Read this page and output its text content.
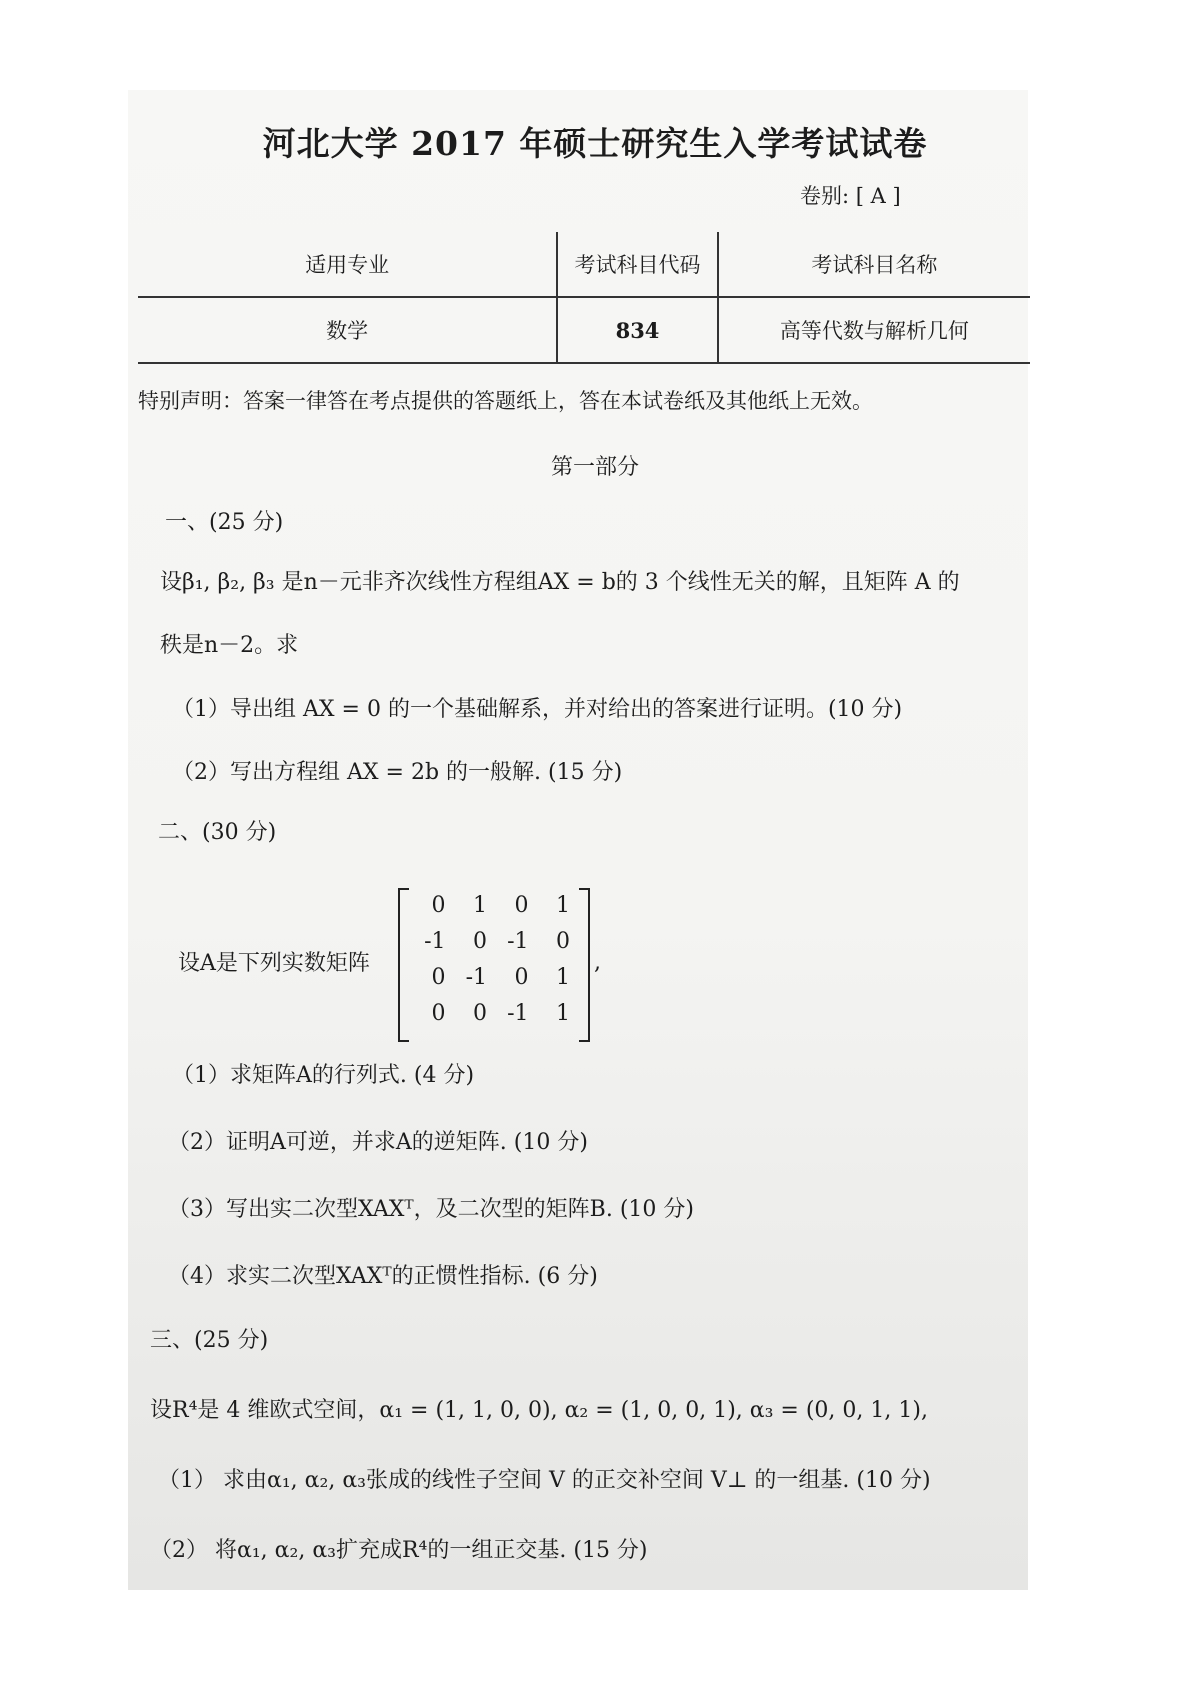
河北大学 2017 年硕士研究生入学考试试卷
卷别: [ A ]
适用专业	考试科目代码	考试科目名称
数学	834	高等代数与解析几何
特别声明：答案一律答在考点提供的答题纸上，答在本试卷纸及其他纸上无效。
第一部分
一、(25 分)
设β₁, β₂, β₃ 是n－元非齐次线性方程组AX = b的 3 个线性无关的解，且矩阵 A 的
秩是n－2。求
（1）导出组 AX = 0 的一个基础解系，并对给出的答案进行证明。(10 分)
（2）写出方程组 AX = 2b 的一般解. (15 分)
二、(30 分)
设A是下列实数矩阵
0	1	0	1
-1	0 -1	0
0 -1	0	1
0	0 -1	1
,
（1）求矩阵A的行列式. (4 分)
（2）证明A可逆，并求A的逆矩阵. (10 分)
（3）写出实二次型XAXᵀ，及二次型的矩阵B. (10 分)
（4）求实二次型XAXᵀ的正惯性指标. (6 分)
三、(25 分)
设R⁴是 4 维欧式空间，α₁ = (1, 1, 0, 0), α₂ = (1, 0, 0, 1), α₃ = (0, 0, 1, 1),
（1） 求由α₁, α₂, α₃张成的线性子空间 V 的正交补空间 V⊥ 的一组基. (10 分)
（2） 将α₁, α₂, α₃扩充成R⁴的一组正交基. (15 分)
